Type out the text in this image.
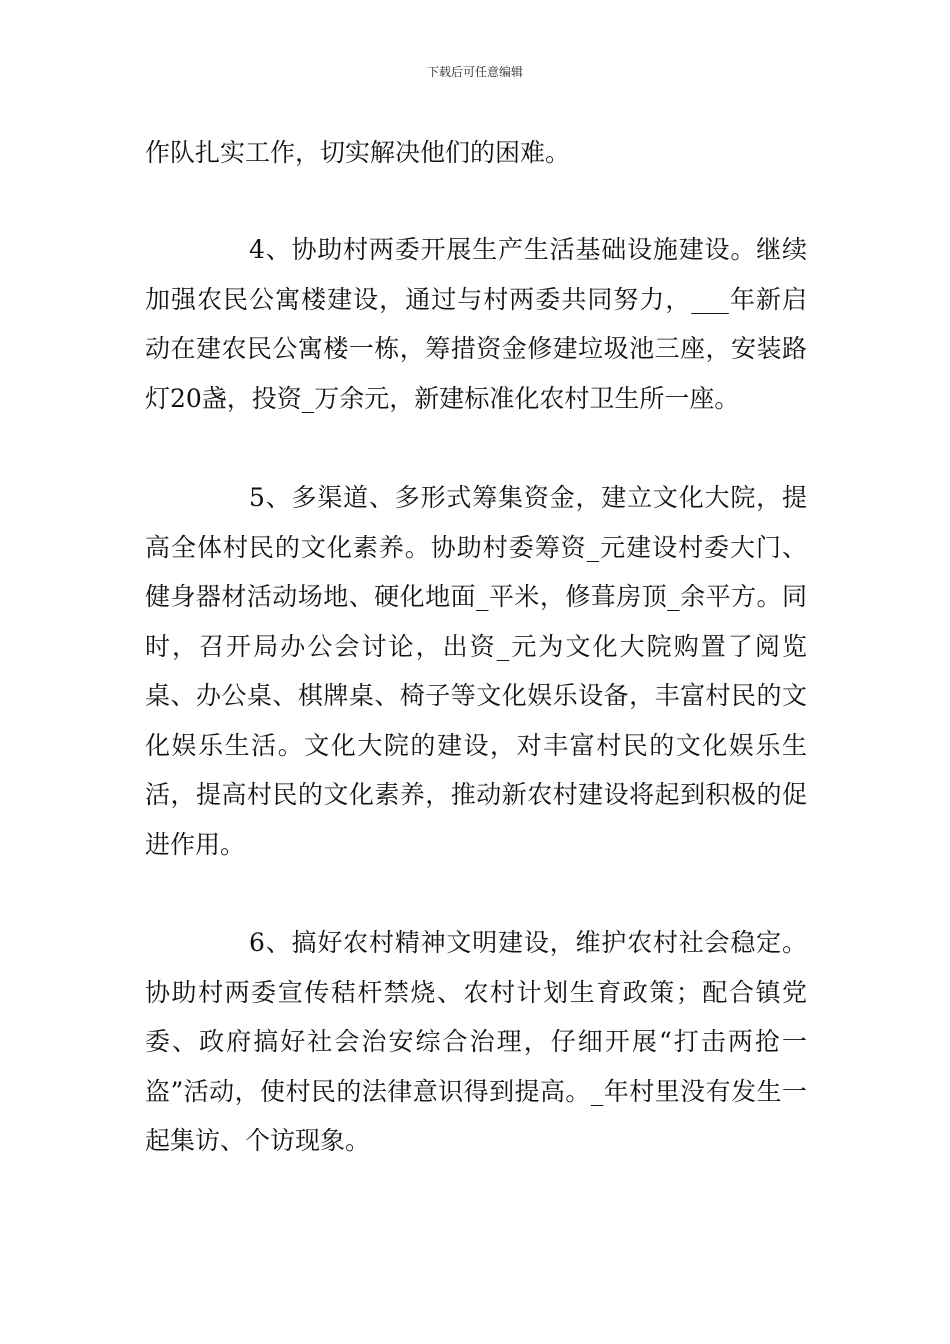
下载后可任意编辑

作队扎实工作，切实解决他们的困难。

4、协助村两委开展生产生活基础设施建设。继续加强农民公寓楼建设，通过与村两委共同努力，___年新启动在建农民公寓楼一栋，筹措资金修建垃圾池三座，安装路灯20盏，投资_万余元，新建标准化农村卫生所一座。

5、多渠道、多形式筹集资金，建立文化大院，提高全体村民的文化素养。协助村委筹资_元建设村委大门、健身器材活动场地、硬化地面_平米，修葺房顶_余平方。同时，召开局办公会讨论，出资_元为文化大院购置了阅览桌、办公桌、棋牌桌、椅子等文化娱乐设备，丰富村民的文化娱乐生活。文化大院的建设，对丰富村民的文化娱乐生活，提高村民的文化素养，推动新农村建设将起到积极的促进作用。

6、搞好农村精神文明建设，维护农村社会稳定。协助村两委宣传秸杆禁烧、农村计划生育政策；配合镇党委、政府搞好社会治安综合治理，仔细开展“打击两抢一盗”活动，使村民的法律意识得到提高。_年村里没有发生一起集访、个访现象。
